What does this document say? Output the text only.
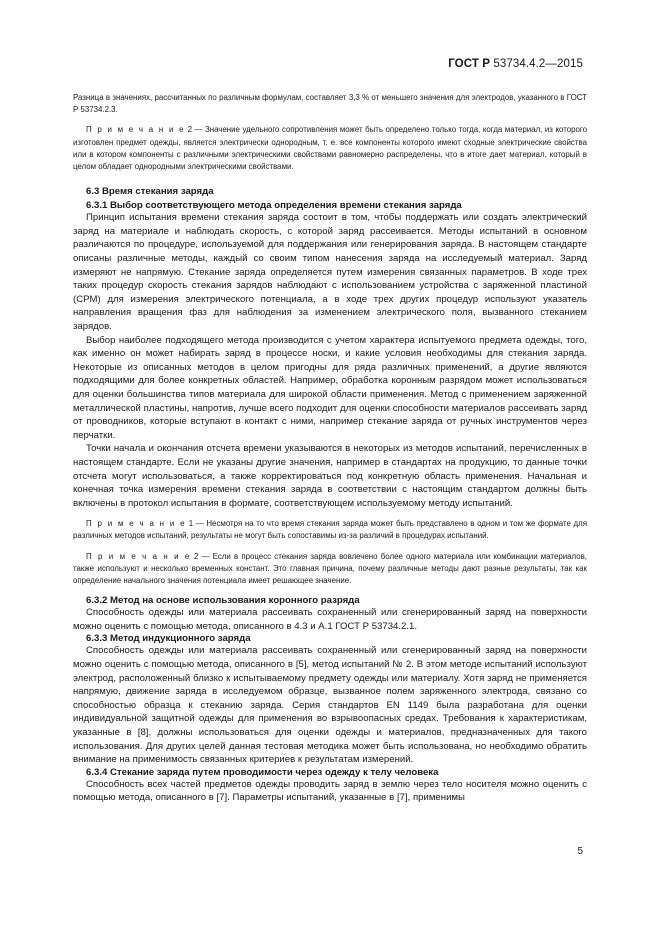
ГОСТ Р 53734.4.2—2015

Разница в значениях, рассчитанных по различным формулам, составляет 3,3 % от меньшего значения для электродов, указанного в ГОСТ Р 53734.2.3.

П р и м е ч а н и е 2 — Значение удельного сопротивления может быть определено только тогда, когда материал, из которого изготовлен предмет одежды, является электрически однородным, т. е. все компоненты которого имеют сходные электрические свойства или в котором компоненты с различными электрическими свойствами равномерно распределены, что в итоге дает материал, который в целом обладает однородными электрическими свойствами.

6.3 Время стекания заряда

6.3.1 Выбор соответствующего метода определения времени стекания заряда

Принцип испытания времени стекания заряда состоит в том, чтобы поддержать или создать электрический заряд на материале и наблюдать скорость, с которой заряд рассеивается. Методы испытаний в основном различаются по процедуре, используемой для поддержания или генерирования заряда. В настоящем стандарте описаны различные методы, каждый со своим типом нанесения заряда на исследуемый материал. Заряд измеряют не напрямую. Стекание заряда определяется путем измерения связанных параметров. В ходе трех таких процедур скорость стекания зарядов наблюдают с использованием устройства с заряженной пластиной (CPM) для измерения электрического потенциала, а в ходе трех других процедур используют указатель направления вращения фаз для наблюдения за изменением электрического поля, вызванного стеканием зарядов.

Выбор наиболее подходящего метода производится с учетом характера испытуемого предмета одежды, того, как именно он может набирать заряд в процессе носки, и какие условия необходимы для стекания заряда. Некоторые из описанных методов в целом пригодны для ряда различных применений, а другие являются подходящими для более конкретных областей. Например, обработка коронным разрядом может использоваться для оценки большинства типов материала для широкой области применения. Метод с применением заряженной металлической пластины, напротив, лучше всего подходит для оценки способности материалов рассеивать заряд от проводников, которые вступают в контакт с ними, например стекание заряда от ручных инструментов через перчатки.

Точки начала и окончания отсчета времени указываются в некоторых из методов испытаний, перечисленных в настоящем стандарте. Если не указаны другие значения, например в стандартах на продукцию, то данные точки отсчета могут использоваться, а также корректироваться под конкретную область применения. Начальная и конечная точка измерения времени стекания заряда в соответствии с настоящим стандартом должны быть включены в протокол испытания в формате, соответствующем используемому методу испытаний.

П р и м е ч а н и е 1 — Несмотря на то что время стекания заряда может быть представлено в одном и том же формате для различных методов испытаний, результаты не могут быть сопоставимы из-за различий в процедурах испытаний.

П р и м е ч а н и е 2 — Если в процесс стекания заряда вовлечено более одного материала или комбинации материалов, также используют и несколько временных констант. Это главная причина, почему различные методы дают разные результаты, так как определение начального значения потенциала имеет решающее значение.

6.3.2 Метод на основе использования коронного разряда

Способность одежды или материала рассеивать сохраненный или сгенерированный заряд на поверхности можно оценить с помощью метода, описанного в 4.3 и А.1 ГОСТ Р 53734.2.1.

6.3.3 Метод индукционного заряда

Способность одежды или материала рассеивать сохраненный или сгенерированный заряд на поверхности можно оценить с помощью метода, описанного в [5], метод испытаний № 2. В этом методе испытаний используют электрод, расположенный близко к испытываемому предмету одежды или материалу. Хотя заряд не применяется напрямую, движение заряда в исследуемом образце, вызванное полем заряженного электрода, связано со способностью образца к стеканию заряда. Серия стандартов EN 1149 была разработана для оценки индивидуальной защитной одежды для применения во взрывоопасных средах. Требования к характеристикам, указанные в [8], должны использоваться для оценки одежды и материалов, предназначенных для такого использования. Для других целей данная тестовая методика может быть использована, но необходимо обратить внимание на применимость связанных критериев к результатам измерений.

6.3.4 Стекание заряда путем проводимости через одежду к телу человека

Способность всех частей предметов одежды проводить заряд в землю через тело носителя можно оценить с помощью метода, описанного в [7]. Параметры испытаний, указанные в [7], применимы

5
